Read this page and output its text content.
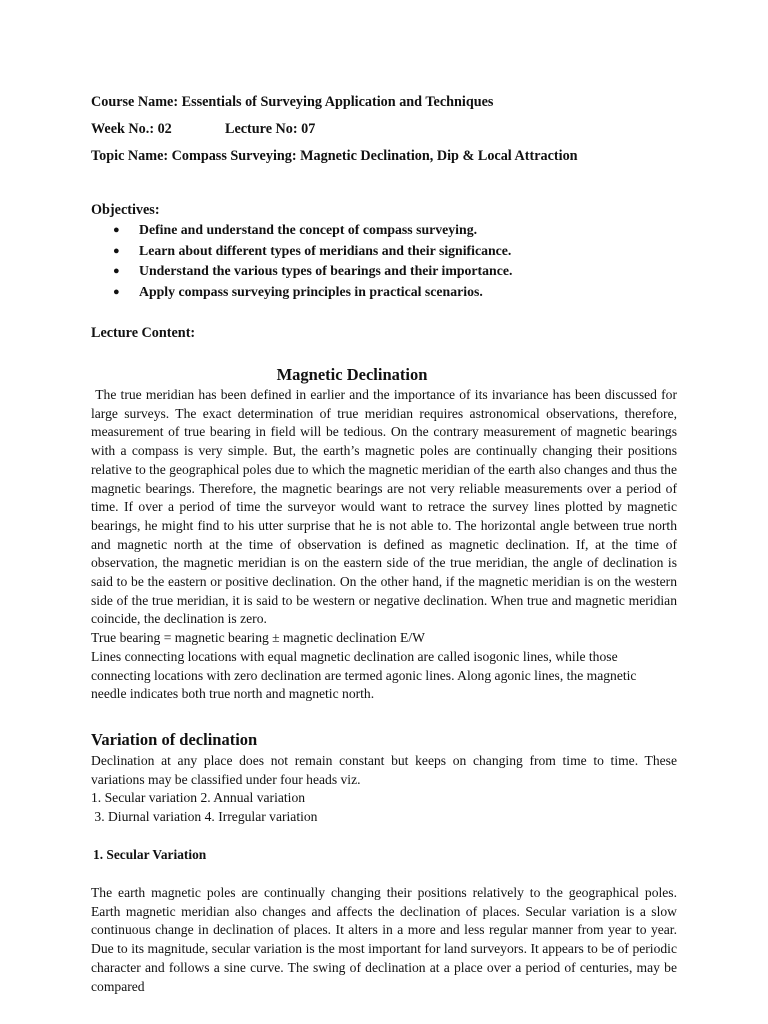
Course Name: Essentials of Surveying Application and Techniques
Week No.: 02	Lecture No: 07
Topic Name: Compass Surveying: Magnetic Declination, Dip & Local Attraction
Objectives:
● Define and understand the concept of compass surveying.
● Learn about different types of meridians and their significance.
● Understand the various types of bearings and their importance.
● Apply compass surveying principles in practical scenarios.
Lecture Content:
Magnetic Declination

The true meridian has been defined in earlier and the importance of its invariance has been discussed for large surveys. The exact determination of true meridian requires astronomical observations, therefore, measurement of true bearing in field will be tedious. On the contrary measurement of magnetic bearings with a compass is very simple. But, the earth’s magnetic poles are continually changing their positions relative to the geographical poles due to which the magnetic meridian of the earth also changes and thus the magnetic bearings. Therefore, the magnetic bearings are not very reliable measurements over a period of time. If over a period of time the surveyor would want to retrace the survey lines plotted by magnetic bearings, he might find to his utter surprise that he is not able to. The horizontal angle between true north and magnetic north at the time of observation is defined as magnetic declination. If, at the time of observation, the magnetic meridian is on the eastern side of the true meridian, the angle of declination is said to be the eastern or positive declination. On the other hand, if the magnetic meridian is on the western side of the true meridian, it is said to be western or negative declination. When true and magnetic meridian coincide, the declination is zero.

True bearing = magnetic bearing ± magnetic declination E/W

Lines connecting locations with equal magnetic declination are called isogonic lines, while those

connecting locations with zero declination are termed agonic lines. Along agonic lines, the magnetic

needle indicates both true north and magnetic north.

Variation of declination

Declination at any place does not remain constant but keeps on changing from time to time. These variations may be classified under four heads viz.

1. Secular variation 2. Annual variation

3. Diurnal variation 4. Irregular variation

1. Secular Variation

The earth magnetic poles are continually changing their positions relatively to the geographical poles. Earth magnetic meridian also changes and affects the declination of places. Secular variation is a slow continuous change in declination of places. It alters in a more and less regular manner from year to year. Due to its magnitude, secular variation is the most important for land surveyors. It appears to be of periodic character and follows a sine curve. The swing of declination at a place over a period of centuries, may be compared
